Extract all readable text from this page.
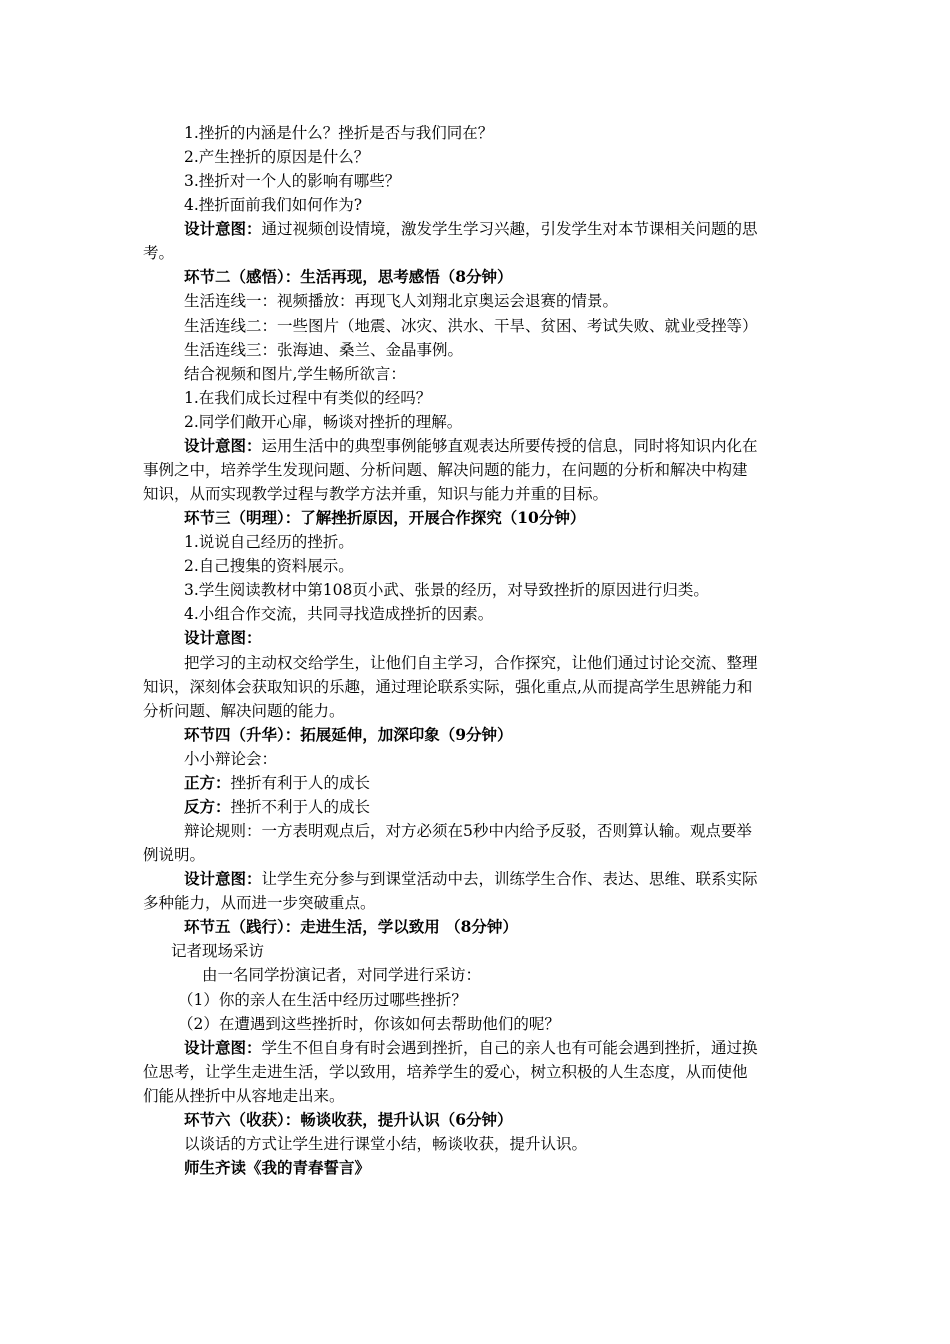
1.挫折的内涵是什么？挫折是否与我们同在？
2.产生挫折的原因是什么？
3.挫折对一个人的影响有哪些？
4.挫折面前我们如何作为?
设计意图：通过视频创设情境，激发学生学习兴趣，引发学生对本节课相关问题的思
考。
环节二（感悟）：生活再现，思考感悟（8分钟）
生活连线一：视频播放：再现飞人刘翔北京奥运会退赛的情景。
生活连线二：一些图片（地震、冰灾、洪水、干旱、贫困、考试失败、就业受挫等）
生活连线三：张海迪、桑兰、金晶事例。
结合视频和图片,学生畅所欲言：
1.在我们成长过程中有类似的经吗？
2.同学们敞开心扉，畅谈对挫折的理解。
设计意图：运用生活中的典型事例能够直观表达所要传授的信息，同时将知识内化在
事例之中，培养学生发现问题、分析问题、解决问题的能力，在问题的分析和解决中构建
知识，从而实现教学过程与教学方法并重，知识与能力并重的目标。
环节三（明理）：了解挫折原因，开展合作探究（10分钟）
1.说说自己经历的挫折。
2.自己搜集的资料展示。
3.学生阅读教材中第108页小武、张景的经历，对导致挫折的原因进行归类。
4.小组合作交流，共同寻找造成挫折的因素。
设计意图：
把学习的主动权交给学生，让他们自主学习，合作探究，让他们通过讨论交流、整理
知识，深刻体会获取知识的乐趣，通过理论联系实际，强化重点,从而提高学生思辨能力和
分析问题、解决问题的能力。
环节四（升华）：拓展延伸，加深印象（9分钟）
小小辩论会：
正方：挫折有利于人的成长
反方：挫折不利于人的成长
辩论规则：一方表明观点后，对方必须在5秒中内给予反驳，否则算认输。观点要举
例说明。
设计意图：让学生充分参与到课堂活动中去，训练学生合作、表达、思维、联系实际
多种能力，从而进一步突破重点。
环节五（践行）：走进生活，学以致用 （8分钟）
记者现场采访
由一名同学扮演记者，对同学进行采访：
（1）你的亲人在生活中经历过哪些挫折？
（2）在遭遇到这些挫折时，你该如何去帮助他们的呢？
设计意图：学生不但自身有时会遇到挫折，自己的亲人也有可能会遇到挫折，通过换
位思考，让学生走进生活，学以致用，培养学生的爱心，树立积极的人生态度，从而使他
们能从挫折中从容地走出来。
环节六（收获）：畅谈收获，提升认识（6分钟）
以谈话的方式让学生进行课堂小结，畅谈收获，提升认识。
师生齐读《我的青春誓言》
